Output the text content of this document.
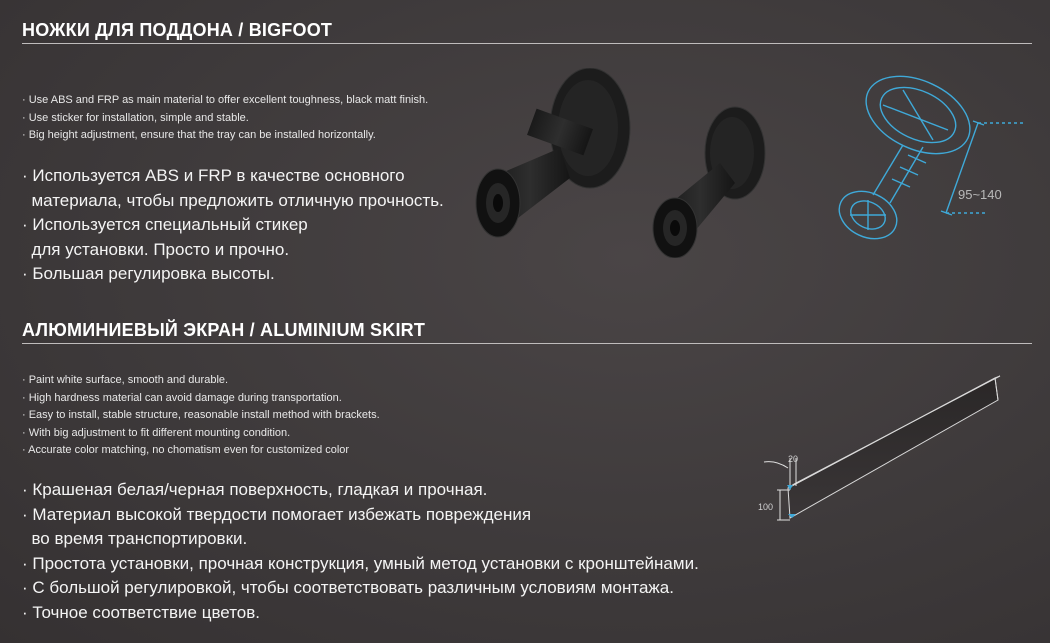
НОЖКИ ДЛЯ ПОДДОНА / BIGFOOT
· Use ABS and FRP as main material to offer excellent toughness, black matt finish.
· Use sticker for installation, simple and stable.
· Big height adjustment, ensure that the tray can be installed horizontally.
· Используется ABS и FRP в качестве основного
материала, чтобы предложить отличную прочность.
· Используется специальный стикер
для установки. Просто и прочно.
· Большая регулировка высоты.
95~140
АЛЮМИНИЕВЫЙ ЭКРАН / ALUMINIUM SKIRT
· Paint white surface, smooth and durable.
· High hardness material can avoid damage during transportation.
· Easy to install, stable structure, reasonable install method with brackets.
· With big adjustment to fit different mounting condition.
· Accurate color matching, no chomatism even for customized color
· Крашеная белая/черная поверхность, гладкая и прочная.
· Материал высокой твердости помогает избежать повреждения
во время транспортировки.
· Простота установки, прочная конструкция, умный метод установки с кронштейнами.
· С большой регулировкой, чтобы соответствовать различным условиям монтажа.
· Точное соответствие цветов.
20
100
